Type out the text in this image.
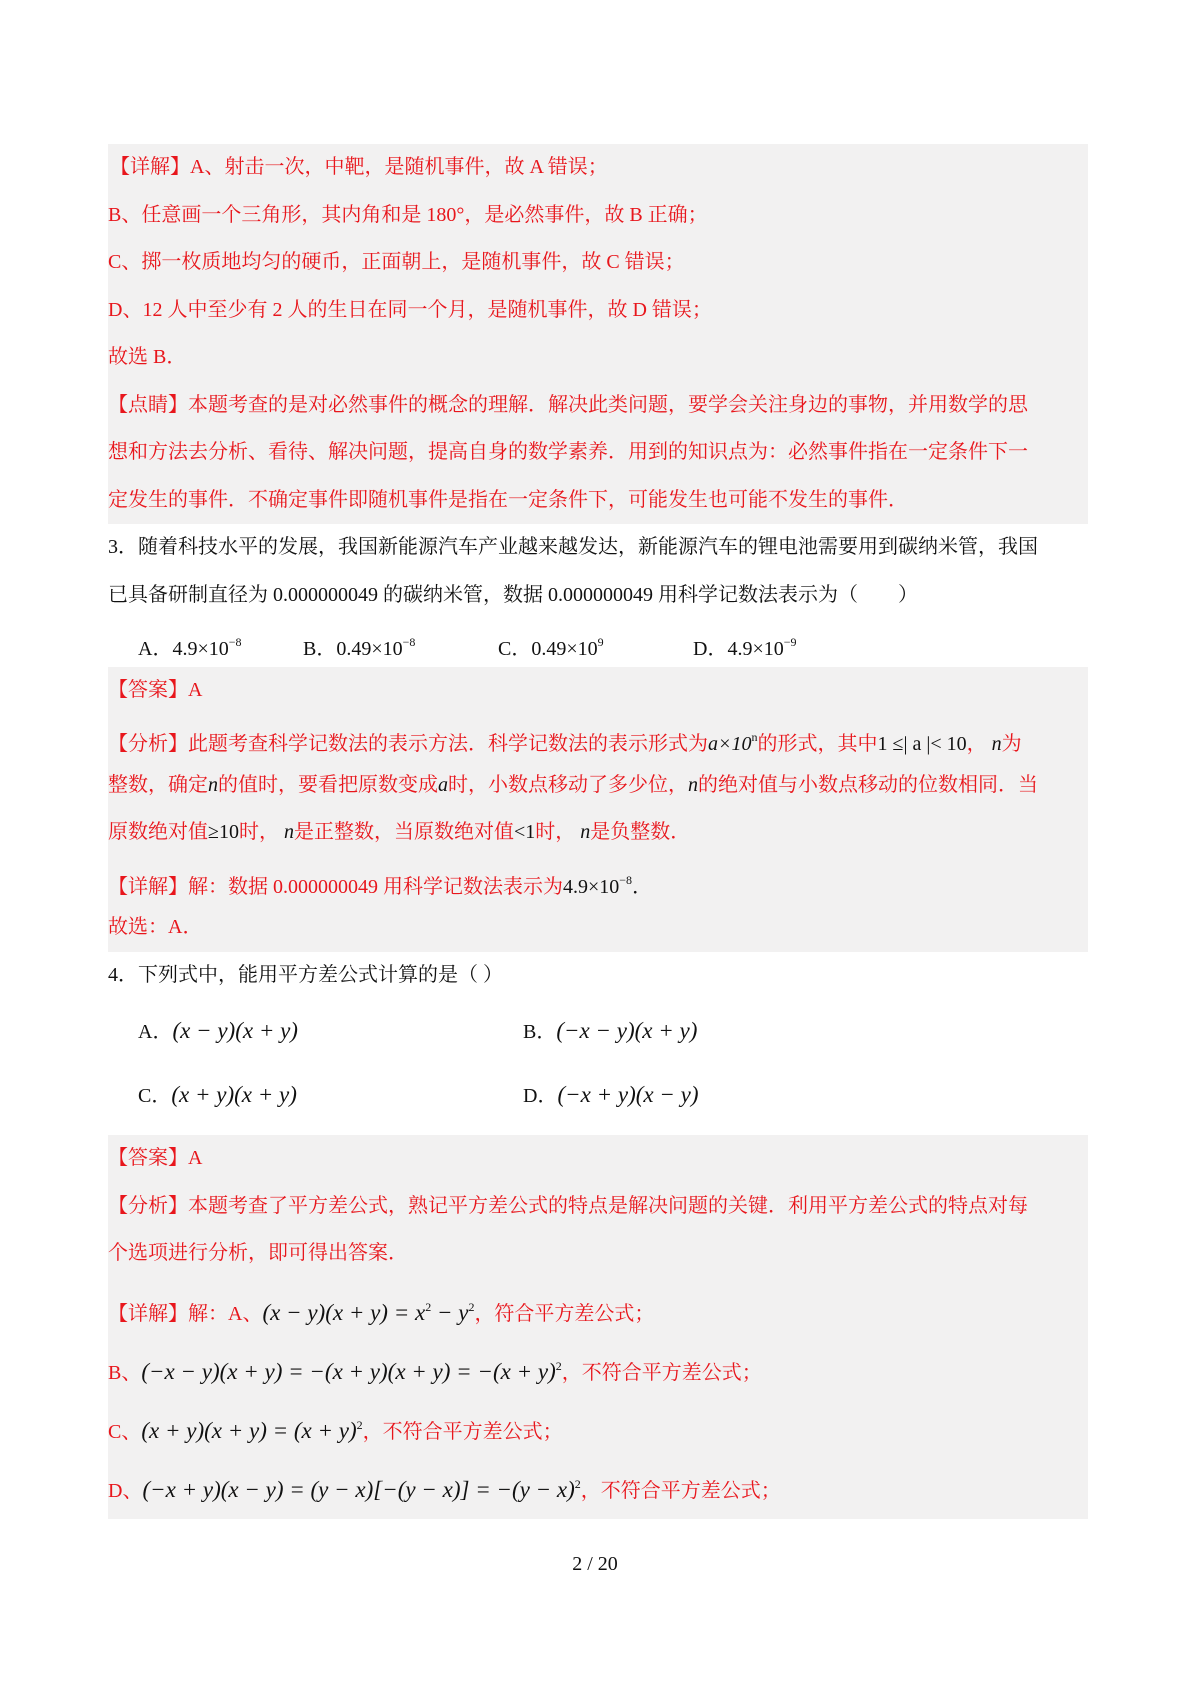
【详解】A、射击一次，中靶，是随机事件，故 A 错误；
B、任意画一个三角形，其内角和是 180°，是必然事件，故 B 正确；
C、掷一枚质地均匀的硬币，正面朝上，是随机事件，故 C 错误；
D、12 人中至少有 2 人的生日在同一个月，是随机事件，故 D 错误；
故选 B．
【点睛】本题考查的是对必然事件的概念的理解．解决此类问题，要学会关注身边的事物，并用数学的思
想和方法去分析、看待、解决问题，提高自身的数学素养．用到的知识点为：必然事件指在一定条件下一
定发生的事件．不确定事件即随机事件是指在一定条件下，可能发生也可能不发生的事件．
3．随着科技水平的发展，我国新能源汽车产业越来越发达，新能源汽车的锂电池需要用到碳纳米管，我国
已具备研制直径为 0.000000049 的碳纳米管，数据 0.000000049 用科学记数法表示为（　　）
A．$4.9\times 10^{-8}$	B．$0.49\times 10^{-8}$	C．$0.49\times 10^9$	D．$4.9\times 10^{-9}$
【答案】A
【分析】此题考查科学记数法的表示方法．科学记数法的表示形式为$a\times 10^n$的形式，其中1 ≤| a |< 10， n为
整数，确定n的值时，要看把原数变成a时，小数点移动了多少位，n的绝对值与小数点移动的位数相同．当
原数绝对值≥10时， n是正整数，当原数绝对值<1时， n是负整数．
【详解】解：数据 0.000000049 用科学记数法表示为$4.9\times 10^{-8}$．
故选：A．
4．下列式中，能用平方差公式计算的是（ ）
A．(x − y)(x + y)	B．(−x − y)(x + y)
C．(x + y)(x + y)	D．(−x + y)(x − y)
【答案】A
【分析】本题考查了平方差公式，熟记平方差公式的特点是解决问题的关键．利用平方差公式的特点对每
个选项进行分析，即可得出答案．
【详解】解：A、$(x - y)(x + y) = x^2 - y^2$，符合平方差公式；
B、$(-x - y)(x + y) = -(x + y)(x + y) = -(x + y)^2$，不符合平方差公式；
C、$(x + y)(x + y) = (x + y)^2$，不符合平方差公式；
D、$(-x + y)(x - y) = (y - x)[-(y - x)] = -(y - x)^2$，不符合平方差公式；
2 / 20
